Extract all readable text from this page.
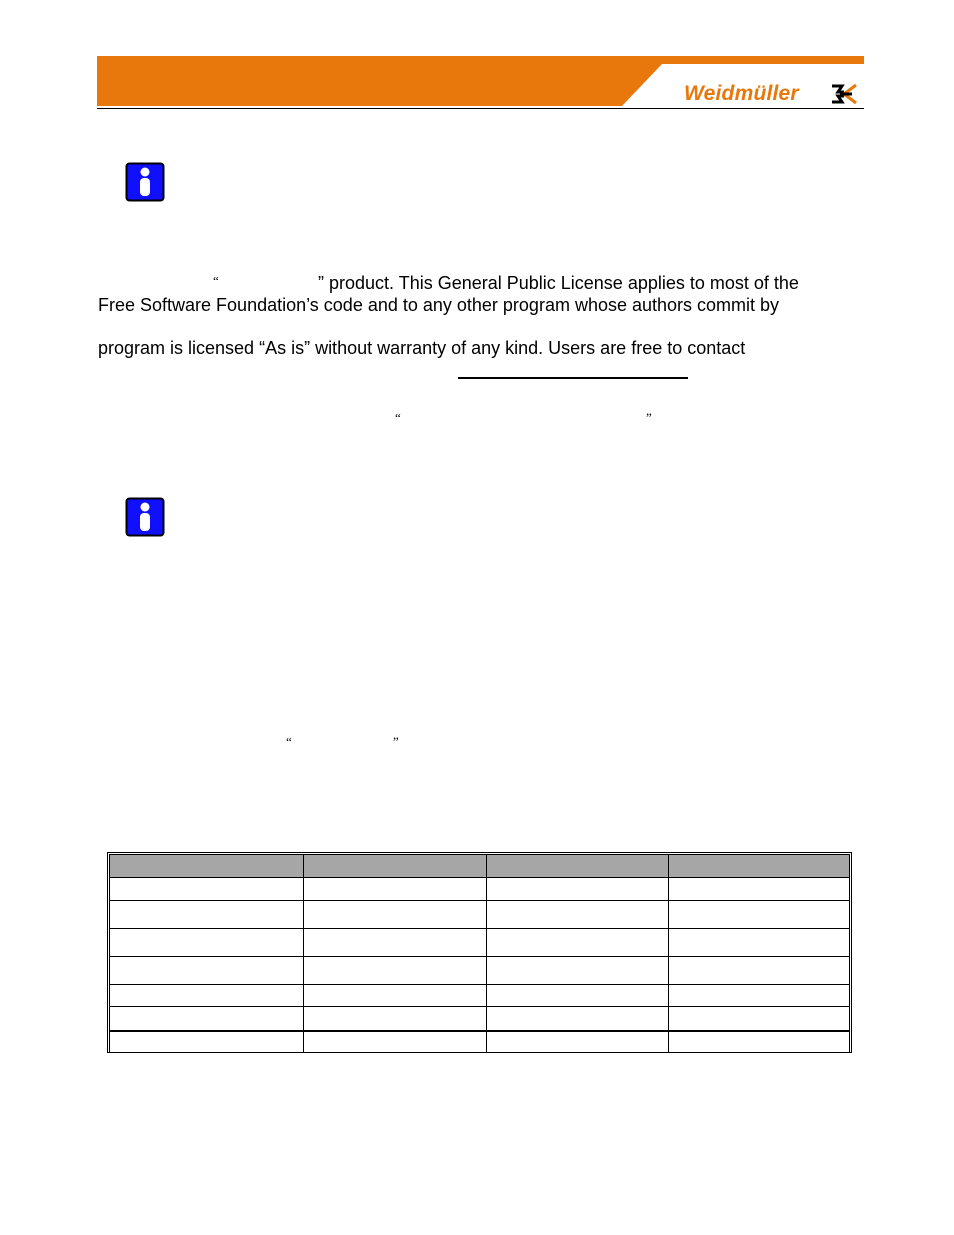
Weidmüller
“	” product. This General Public License applies to most of the
Free Software Foundation’s code and to any other program whose authors commit by
program is licensed “As is” without warranty of any kind. Users are free to contact
“	”
“	”
